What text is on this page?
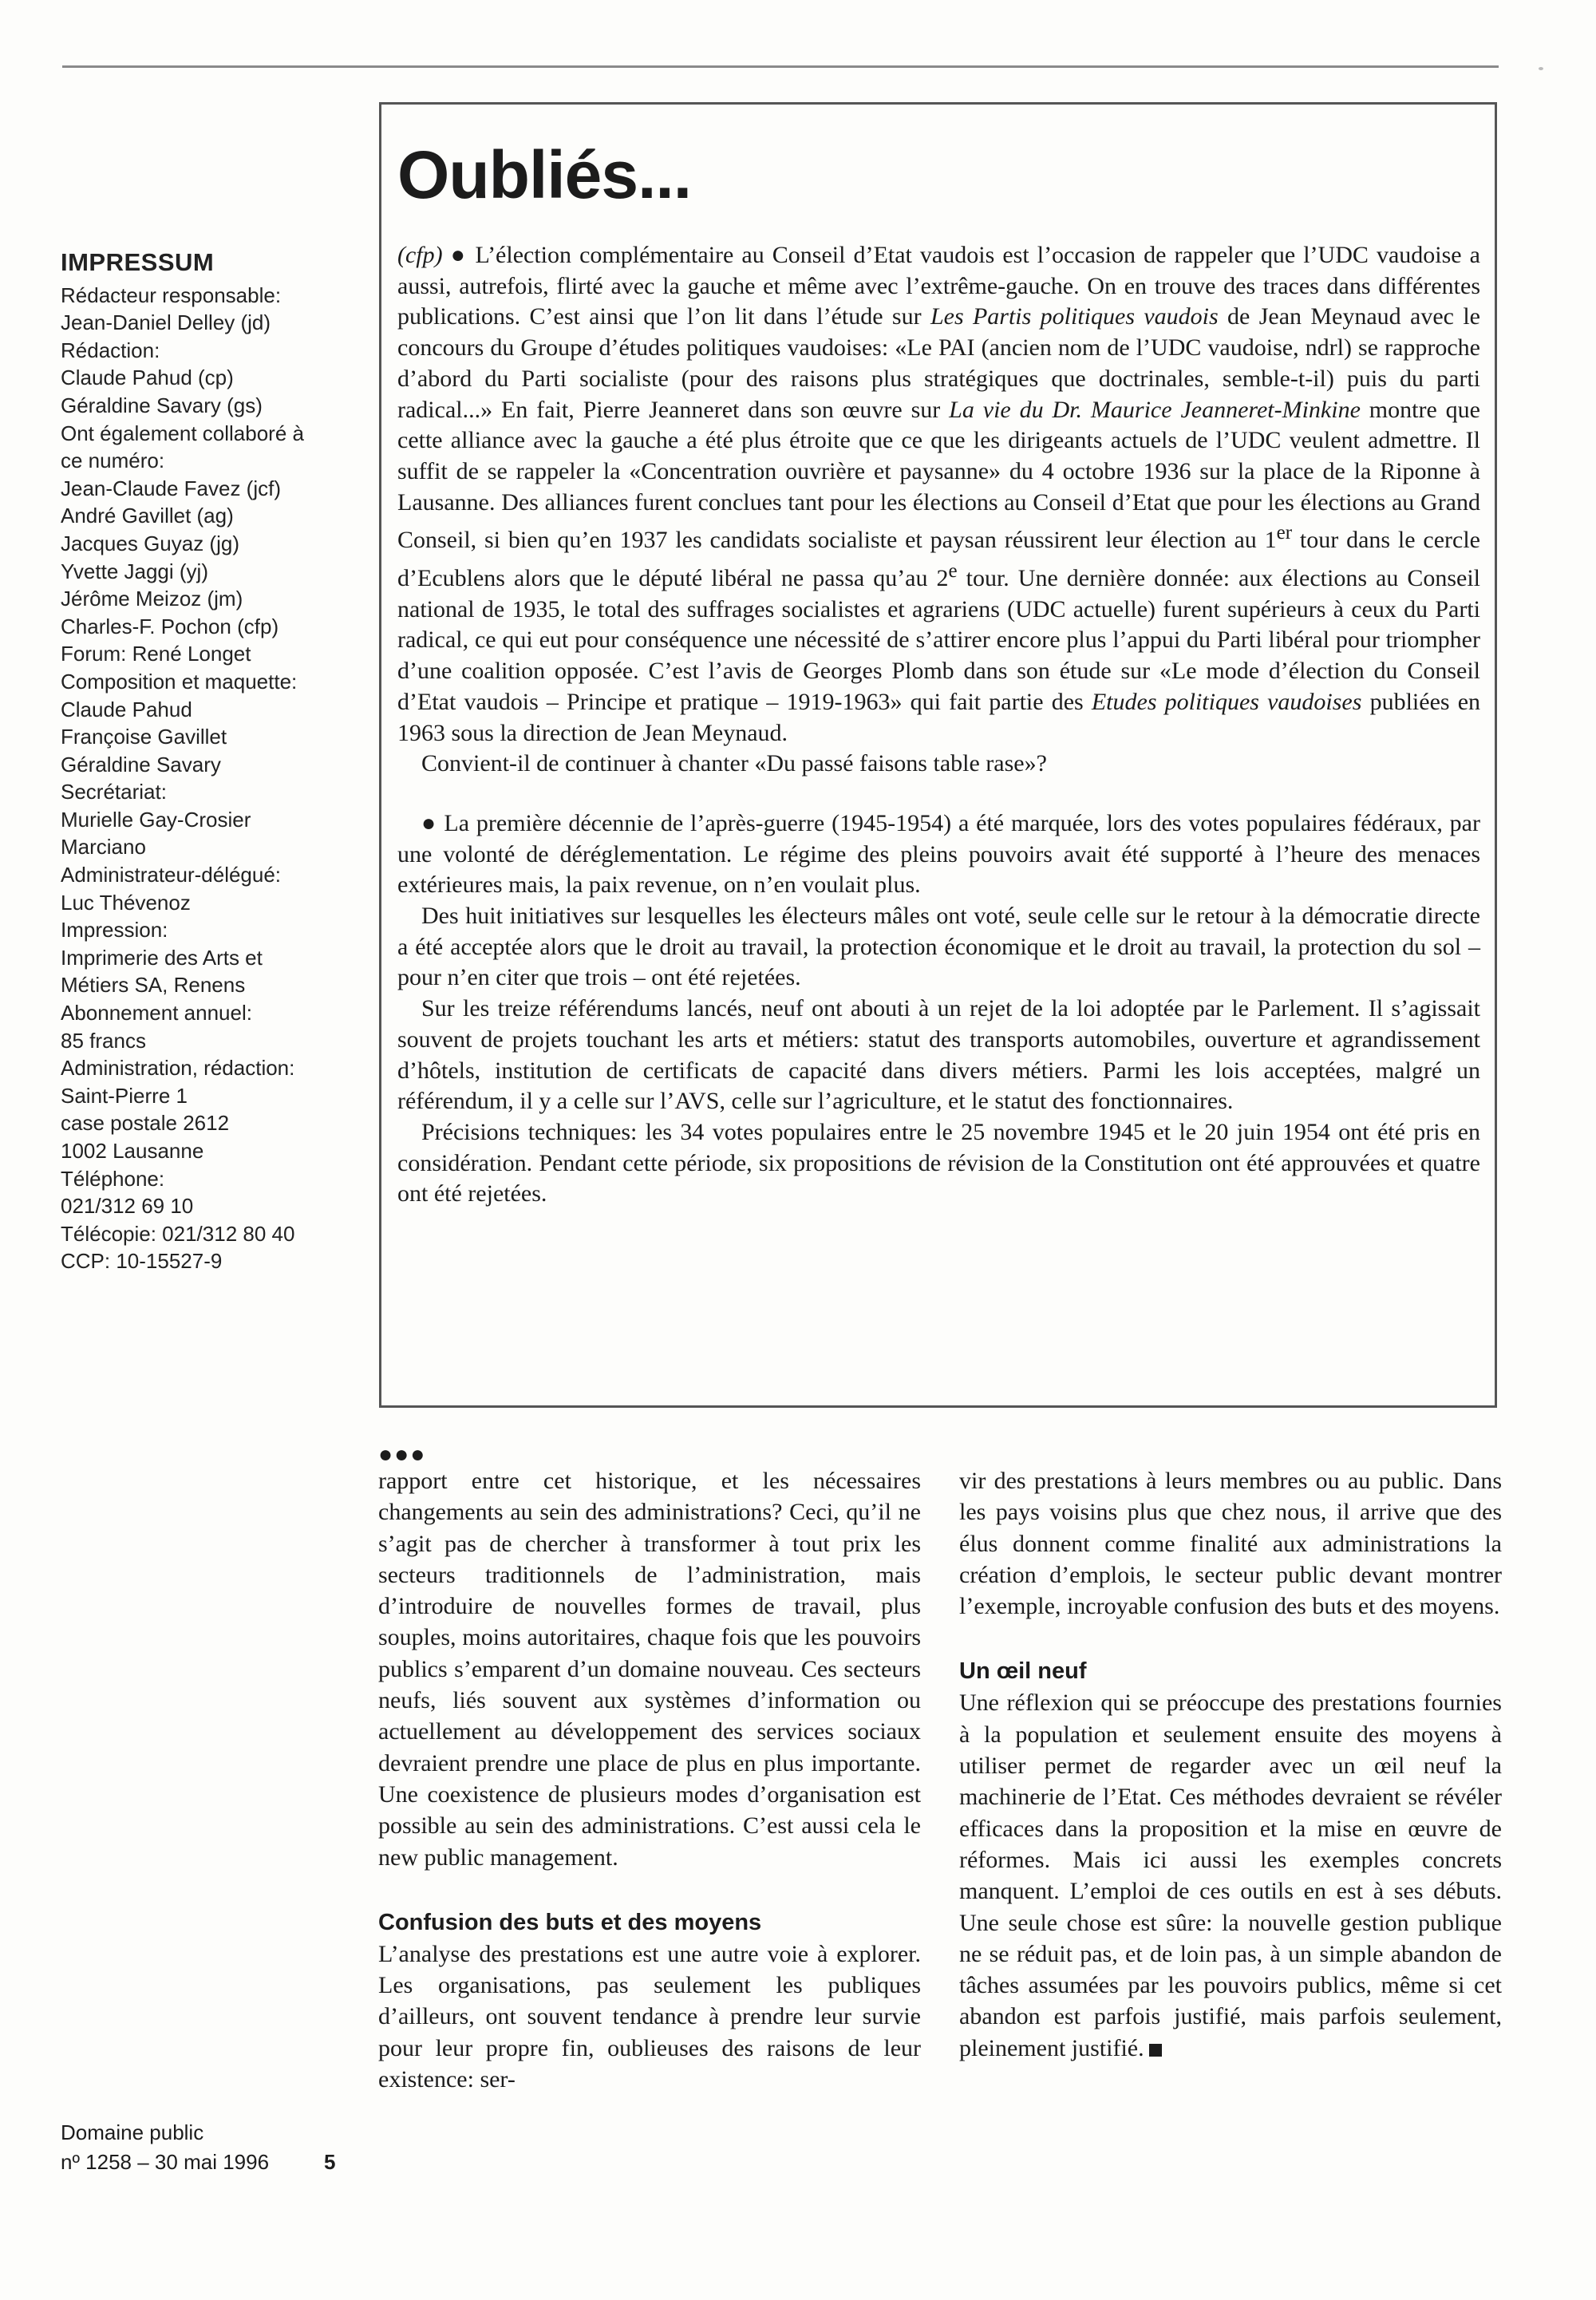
IMPRESSUM
Rédacteur responsable:
Jean-Daniel Delley (jd)
Rédaction:
Claude Pahud (cp)
Géraldine Savary (gs)
Ont également collaboré à
ce numéro:
Jean-Claude Favez (jcf)
André Gavillet (ag)
Jacques Guyaz (jg)
Yvette Jaggi (yj)
Jérôme Meizoz (jm)
Charles-F. Pochon (cfp)
Forum: René Longet
Composition et maquette:
Claude Pahud
Françoise Gavillet
Géraldine Savary
Secrétariat:
Murielle Gay-Crosier
Marciano
Administrateur-délégué:
Luc Thévenoz
Impression:
Imprimerie des Arts et
Métiers SA, Renens
Abonnement annuel:
85 francs
Administration, rédaction:
Saint-Pierre 1
case postale 2612
1002 Lausanne
Téléphone:
021/312 69 10
Télécopie: 021/312 80 40
CCP: 10-15527-9
Oubliés...

(cfp) ● L’élection complémentaire au Conseil d’Etat vaudois est l’occasion de rappeler que l’UDC vaudoise a aussi, autrefois, flirté avec la gauche et même avec l’extrême-gauche. On en trouve des traces dans différentes publications. C’est ainsi que l’on lit dans l’étude sur Les Partis politiques vaudois de Jean Meynaud avec le concours du Groupe d’études politiques vaudoises: «Le PAI (ancien nom de l’UDC vaudoise, ndrl) se rapproche d’abord du Parti socialiste (pour des raisons plus stratégiques que doctrinales, semble-t-il) puis du parti radical...» En fait, Pierre Jeanneret dans son œuvre sur La vie du Dr. Maurice Jeanneret-Minkine montre que cette alliance avec la gauche a été plus étroite que ce que les dirigeants actuels de l’UDC veulent admettre. Il suffit de se rappeler la «Concentration ouvrière et paysanne» du 4 octobre 1936 sur la place de la Riponne à Lausanne. Des alliances furent conclues tant pour les élections au Conseil d’Etat que pour les élections au Grand Conseil, si bien qu’en 1937 les candidats socialiste et paysan réussirent leur élection au 1er tour dans le cercle d’Ecublens alors que le député libéral ne passa qu’au 2e tour. Une dernière donnée: aux élections au Conseil national de 1935, le total des suffrages socialistes et agrariens (UDC actuelle) furent supérieurs à ceux du Parti radical, ce qui eut pour conséquence une nécessité de s’attirer encore plus l’appui du Parti libéral pour triompher d’une coalition opposée. C’est l’avis de Georges Plomb dans son étude sur «Le mode d’élection du Conseil d’Etat vaudois – Principe et pratique – 1919-1963» qui fait partie des Etudes politiques vaudoises publiées en 1963 sous la direction de Jean Meynaud.

Convient-il de continuer à chanter «Du passé faisons table rase»?

● La première décennie de l’après-guerre (1945-1954) a été marquée, lors des votes populaires fédéraux, par une volonté de déréglementation. Le régime des pleins pouvoirs avait été supporté à l’heure des menaces extérieures mais, la paix revenue, on n’en voulait plus.

Des huit initiatives sur lesquelles les électeurs mâles ont voté, seule celle sur le retour à la démocratie directe a été acceptée alors que le droit au travail, la protection économique et le droit au travail, la protection du sol – pour n’en citer que trois – ont été rejetées.

Sur les treize référendums lancés, neuf ont abouti à un rejet de la loi adoptée par le Parlement. Il s’agissait souvent de projets touchant les arts et métiers: statut des transports automobiles, ouverture et agrandissement d’hôtels, institution de certificats de capacité dans divers métiers. Parmi les lois acceptées, malgré un référendum, il y a celle sur l’AVS, celle sur l’agriculture, et le statut des fonctionnaires.

Précisions techniques: les 34 votes populaires entre le 25 novembre 1945 et le 20 juin 1954 ont été pris en considération. Pendant cette période, six propositions de révision de la Constitution ont été approuvées et quatre ont été rejetées.

●●●

rapport entre cet historique, et les nécessaires changements au sein des administrations? Ceci, qu’il ne s’agit pas de chercher à transformer à tout prix les secteurs traditionnels de l’administration, mais d’introduire de nouvelles formes de travail, plus souples, moins autoritaires, chaque fois que les pouvoirs publics s’emparent d’un domaine nouveau. Ces secteurs neufs, liés souvent aux systèmes d’information ou actuellement au développement des services sociaux devraient prendre une place de plus en plus importante. Une coexistence de plusieurs modes d’organisation est possible au sein des administrations. C’est aussi cela le new public management.

Confusion des buts et des moyens

L’analyse des prestations est une autre voie à explorer. Les organisations, pas seulement les publiques d’ailleurs, ont souvent tendance à prendre leur survie pour leur propre fin, oublieuses des raisons de leur existence: ser-

vir des prestations à leurs membres ou au public. Dans les pays voisins plus que chez nous, il arrive que des élus donnent comme finalité aux administrations la création d’emplois, le secteur public devant montrer l’exemple, incroyable confusion des buts et des moyens.

Un œil neuf

Une réflexion qui se préoccupe des prestations fournies à la population et seulement ensuite des moyens à utiliser permet de regarder avec un œil neuf la machinerie de l’Etat. Ces méthodes devraient se révéler efficaces dans la proposition et la mise en œuvre de réformes. Mais ici aussi les exemples concrets manquent. L’emploi de ces outils en est à ses débuts. Une seule chose est sûre: la nouvelle gestion publique ne se réduit pas, et de loin pas, à un simple abandon de tâches assumées par les pouvoirs publics, même si cet abandon est parfois justifié, mais parfois seulement, pleinement justifié.

Domaine public
nº 1258 – 30 mai 1996	5
